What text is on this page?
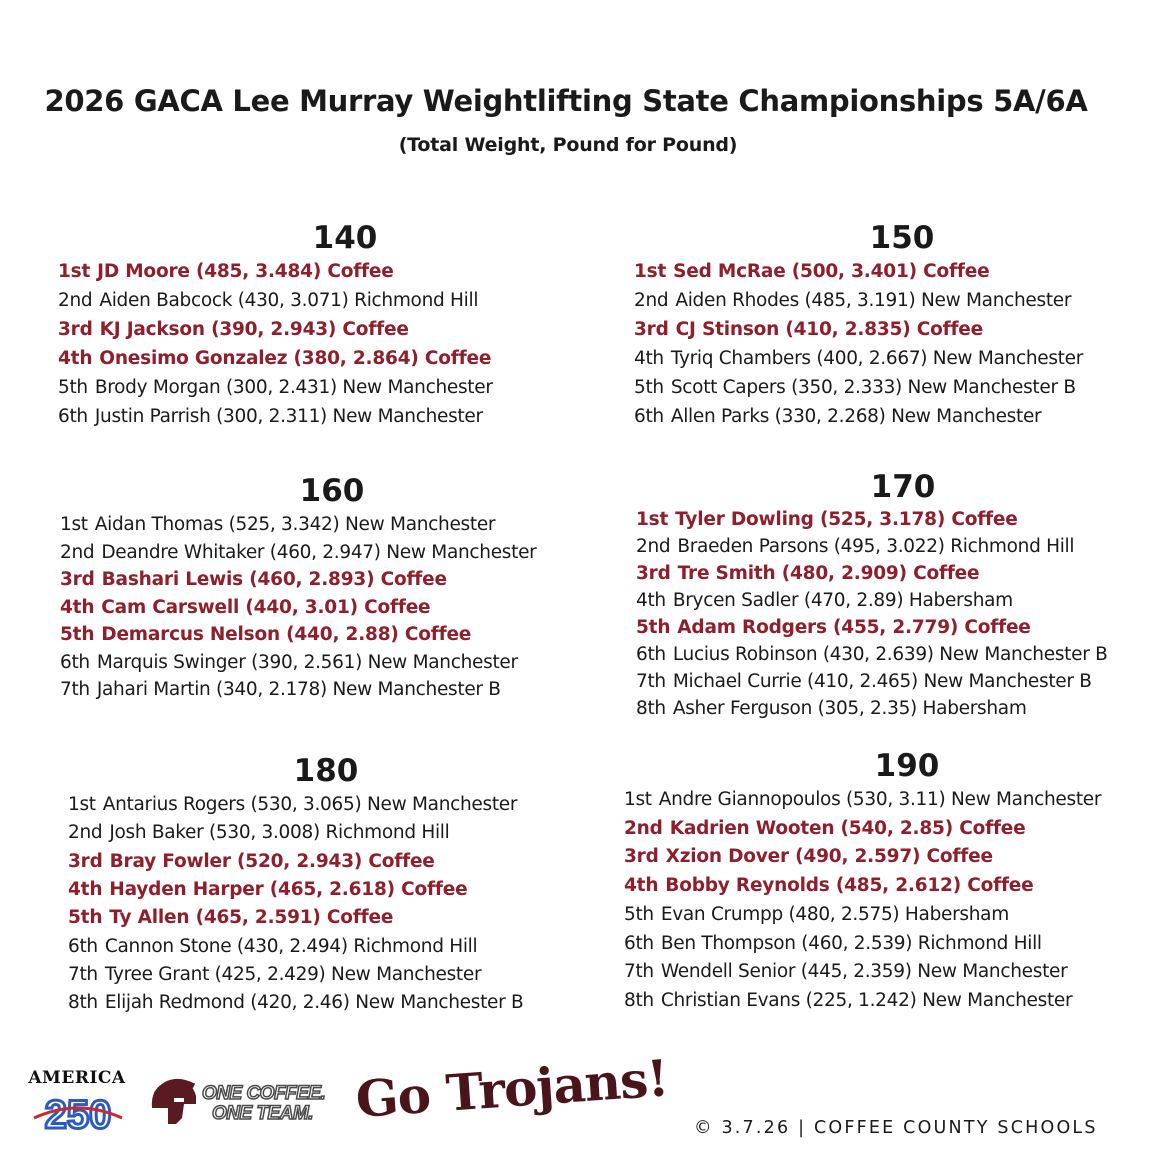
2026 GACA Lee Murray Weightlifting State Championships 5A/6A
(Total Weight, Pound for Pound)
140
1st JD Moore (485, 3.484) Coffee
2nd Aiden Babcock (430, 3.071) Richmond Hill
3rd KJ Jackson (390, 2.943) Coffee
4th Onesimo Gonzalez (380, 2.864) Coffee
5th Brody Morgan (300, 2.431) New Manchester
6th Justin Parrish (300, 2.311) New Manchester
150
1st Sed McRae (500, 3.401) Coffee
2nd Aiden Rhodes (485, 3.191) New Manchester
3rd CJ Stinson (410, 2.835) Coffee
4th Tyriq Chambers (400, 2.667) New Manchester
5th Scott Capers (350, 2.333) New Manchester B
6th Allen Parks (330, 2.268) New Manchester
160
1st Aidan Thomas (525, 3.342) New Manchester
2nd Deandre Whitaker (460, 2.947) New Manchester
3rd Bashari Lewis (460, 2.893) Coffee
4th Cam Carswell (440, 3.01) Coffee
5th Demarcus Nelson (440, 2.88) Coffee
6th Marquis Swinger (390, 2.561) New Manchester
7th Jahari Martin (340, 2.178) New Manchester B
170
1st Tyler Dowling (525, 3.178) Coffee
2nd Braeden Parsons (495, 3.022) Richmond Hill
3rd Tre Smith (480, 2.909) Coffee
4th Brycen Sadler (470, 2.89) Habersham
5th Adam Rodgers (455, 2.779) Coffee
6th Lucius Robinson (430, 2.639) New Manchester B
7th Michael Currie (410, 2.465) New Manchester B
8th Asher Ferguson (305, 2.35) Habersham
180
1st Antarius Rogers (530, 3.065) New Manchester
2nd Josh Baker (530, 3.008) Richmond Hill
3rd Bray Fowler (520, 2.943) Coffee
4th Hayden Harper (465, 2.618) Coffee
5th Ty Allen (465, 2.591) Coffee
6th Cannon Stone (430, 2.494) Richmond Hill
7th Tyree Grant (425, 2.429) New Manchester
8th Elijah Redmond (420, 2.46) New Manchester B
190
1st Andre Giannopoulos (530, 3.11) New Manchester
2nd Kadrien Wooten (540, 2.85) Coffee
3rd Xzion Dover (490, 2.597) Coffee
4th Bobby Reynolds (485, 2.612) Coffee
5th Evan Crumpp (480, 2.575) Habersham
6th Ben Thompson (460, 2.539) Richmond Hill
7th Wendell Senior (445, 2.359) New Manchester
8th Christian Evans (225, 1.242) New Manchester
AMERICA
250	ONE COFFEE.
ONE TEAM. Go Trojans! © 3.7.26 | COFFEE COUNTY SCHOOLS
